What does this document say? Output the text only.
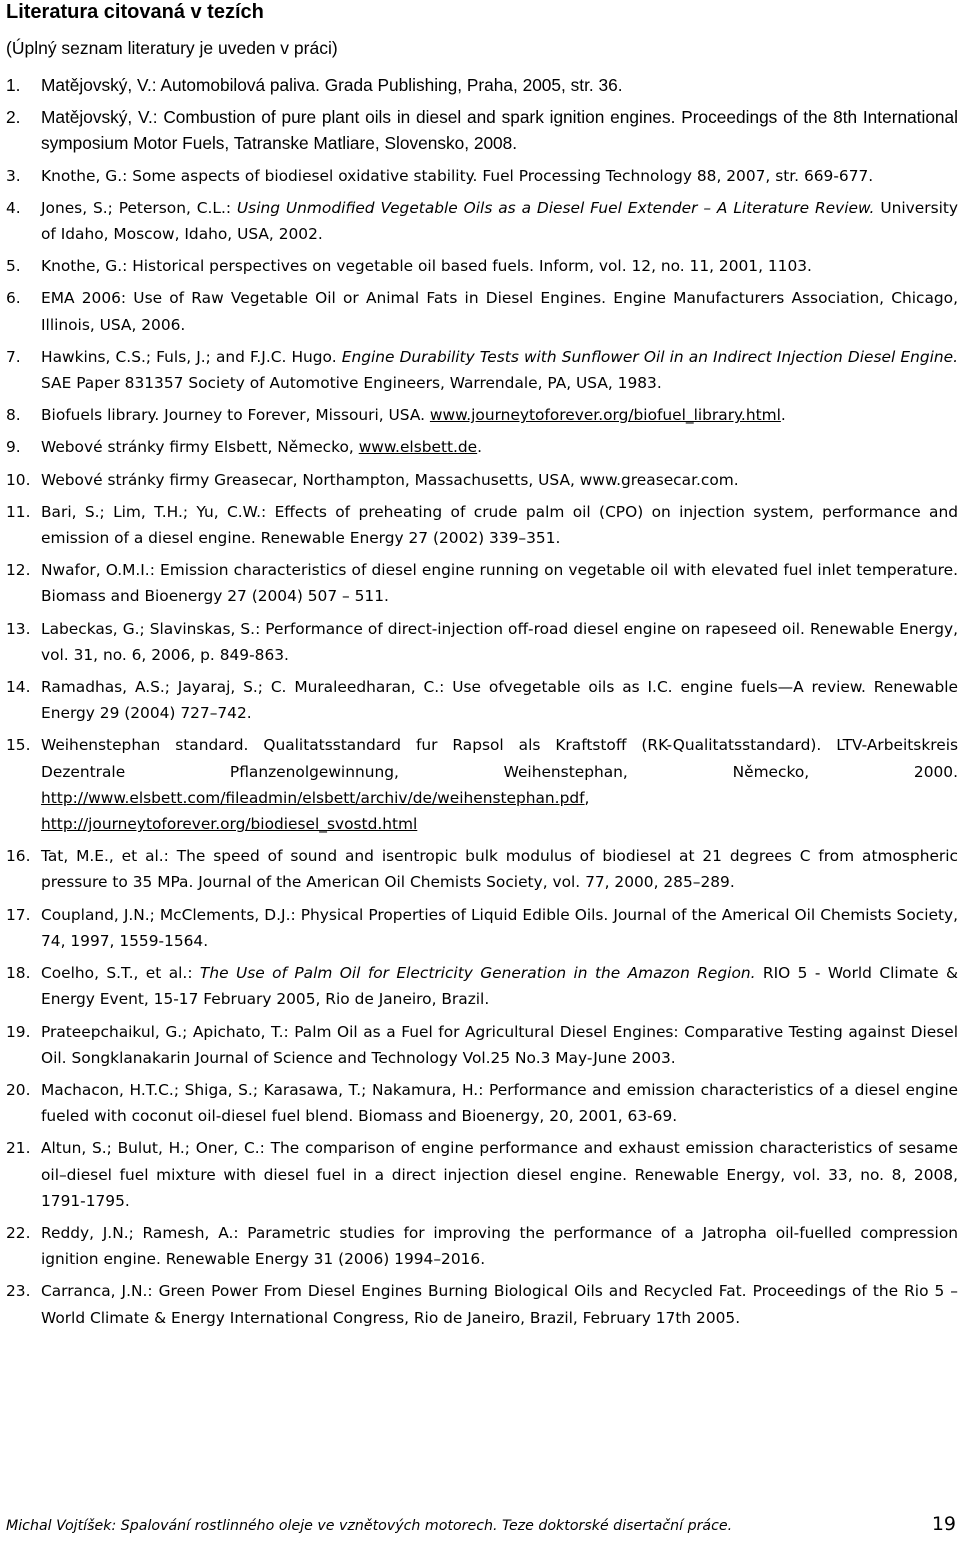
Literatura citovaná v tezích

(Úplný seznam literatury je uveden v práci)

1.	Matějovský, V.: Automobilová paliva. Grada Publishing, Praha, 2005, str. 36.
2.	Matějovský, V.: Combustion of pure plant oils in diesel and spark ignition engines. Proceedings of the 8th International symposium Motor Fuels, Tatranske Matliare, Slovensko, 2008.
3.	Knothe, G.: Some aspects of biodiesel oxidative stability. Fuel Processing Technology 88, 2007, str. 669-677.
4.	Jones, S.; Peterson, C.L.: Using Unmodified Vegetable Oils as a Diesel Fuel Extender – A Literature Review. University of Idaho, Moscow, Idaho, USA, 2002.
5.	Knothe, G.: Historical perspectives on vegetable oil based fuels. Inform, vol. 12, no. 11, 2001, 1103.
6.	EMA 2006: Use of Raw Vegetable Oil or Animal Fats in Diesel Engines. Engine Manufacturers Association, Chicago, Illinois, USA, 2006.
7.	Hawkins, C.S.; Fuls, J.; and F.J.C. Hugo. Engine Durability Tests with Sunflower Oil in an Indirect Injection Diesel Engine. SAE Paper 831357 Society of Automotive Engineers, Warrendale, PA, USA, 1983.
8.	Biofuels library. Journey to Forever, Missouri, USA. www.journeytoforever.org/biofuel_library.html.
9.	Webové stránky firmy Elsbett, Německo, www.elsbett.de.
10. Webové stránky firmy Greasecar, Northampton, Massachusetts, USA, www.greasecar.com.
11. Bari, S.; Lim, T.H.; Yu, C.W.: Effects of preheating of crude palm oil (CPO) on injection system, performance and emission of a diesel engine. Renewable Energy 27 (2002) 339–351.
12. Nwafor, O.M.I.: Emission characteristics of diesel engine running on vegetable oil with elevated fuel inlet temperature. Biomass and Bioenergy 27 (2004) 507 – 511.
13. Labeckas, G.; Slavinskas, S.: Performance of direct-injection off-road diesel engine on rapeseed oil. Renewable Energy, vol. 31, no. 6, 2006, p. 849-863.
14. Ramadhas, A.S.; Jayaraj, S.; C. Muraleedharan, C.: Use ofvegetable oils as I.C. engine fuels—A review. Renewable Energy 29 (2004) 727–742.
15. Weihenstephan standard. Qualitatsstandard fur Rapsol als Kraftstoff (RK-Qualitatsstandard). LTV-Arbeitskreis Dezentrale Pflanzenolgewinnung, Weihenstephan, Německo, 2000. http://www.elsbett.com/fileadmin/elsbett/archiv/de/weihenstephan.pdf, http://journeytoforever.org/biodiesel_svostd.html
16. Tat, M.E., et al.: The speed of sound and isentropic bulk modulus of biodiesel at 21 degrees C from atmospheric pressure to 35 MPa. Journal of the American Oil Chemists Society, vol. 77, 2000, 285–289.
17. Coupland, J.N.; McClements, D.J.: Physical Properties of Liquid Edible Oils. Journal of the Americal Oil Chemists Society, 74, 1997, 1559-1564.
18. Coelho, S.T., et al.: The Use of Palm Oil for Electricity Generation in the Amazon Region. RIO 5 - World Climate & Energy Event, 15-17 February 2005, Rio de Janeiro, Brazil.
19. Prateepchaikul, G.; Apichato, T.: Palm Oil as a Fuel for Agricultural Diesel Engines: Comparative Testing against Diesel Oil. Songklanakarin Journal of Science and Technology Vol.25 No.3 May-June 2003.
20. Machacon, H.T.C.; Shiga, S.; Karasawa, T.; Nakamura, H.: Performance and emission characteristics of a diesel engine fueled with coconut oil-diesel fuel blend. Biomass and Bioenergy, 20, 2001, 63-69.
21. Altun, S.; Bulut, H.; Oner, C.: The comparison of engine performance and exhaust emission characteristics of sesame oil–diesel fuel mixture with diesel fuel in a direct injection diesel engine. Renewable Energy, vol. 33, no. 8, 2008, 1791-1795.
22. Reddy, J.N.; Ramesh, A.: Parametric studies for improving the performance of a Jatropha oil-fuelled compression ignition engine. Renewable Energy 31 (2006) 1994–2016.
23. Carranca, J.N.: Green Power From Diesel Engines Burning Biological Oils and Recycled Fat. Proceedings of the Rio 5 – World Climate & Energy International Congress, Rio de Janeiro, Brazil, February 17th 2005.
Michal Vojtíšek: Spalování rostlinného oleje ve vznětových motorech. Teze doktorské disertační práce.	19
